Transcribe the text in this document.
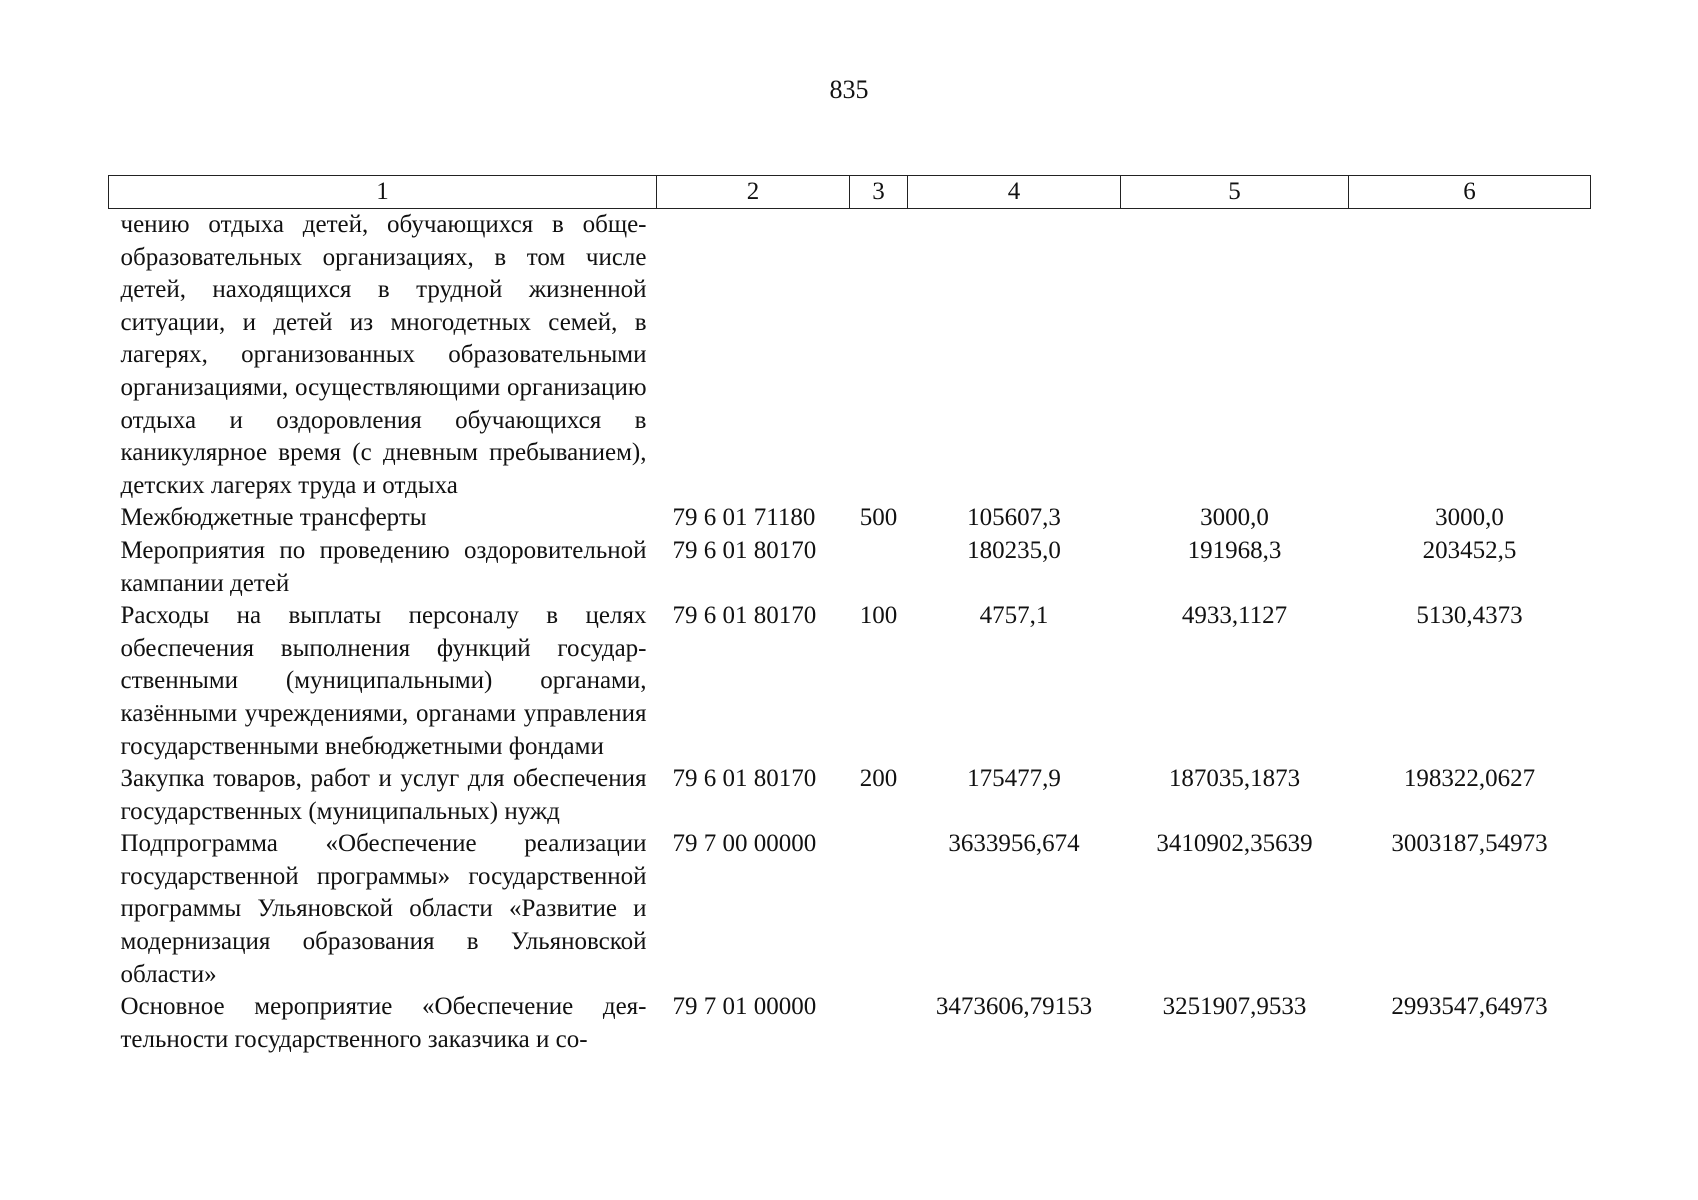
835
1	2	3	4	5	6
чению отдыха детей, обучающихся в общеобразовательных организациях, в том числе детей, находящихся в трудной жизненной ситуации, и детей из многодетных семей, в лагерях, организованных образовательными организациями, осуществляющими организацию отдыха и оздоровления обучающихся в каникулярное время (с дневным пребыванием), детских лагерях труда и отдыха					
Межбюджетные трансферты	79 6 01 71180	500	105607,3	3000,0	3000,0
Мероприятия по проведению оздоровительной кампании детей	79 6 01 80170		180235,0	191968,3	203452,5
Расходы на выплаты персоналу в целях обеспечения выполнения функций государственными (муниципальными) органами, казёнными учреждениями, органами управления государственными внебюджетными фондами	79 6 01 80170	100	4757,1	4933,1127	5130,4373
Закупка товаров, работ и услуг для обеспечения государственных (муниципальных) нужд	79 6 01 80170	200	175477,9	187035,1873	198322,0627
Подпрограмма «Обеспечение реализации государственной программы» государственной программы Ульяновской области «Развитие и модернизация образования в Ульяновской области»	79 7 00 00000		3633956,674	3410902,35639	3003187,54973
Основное мероприятие «Обеспечение деятельности государственного заказчика и со-	79 7 01 00000		3473606,79153	3251907,9533	2993547,64973
